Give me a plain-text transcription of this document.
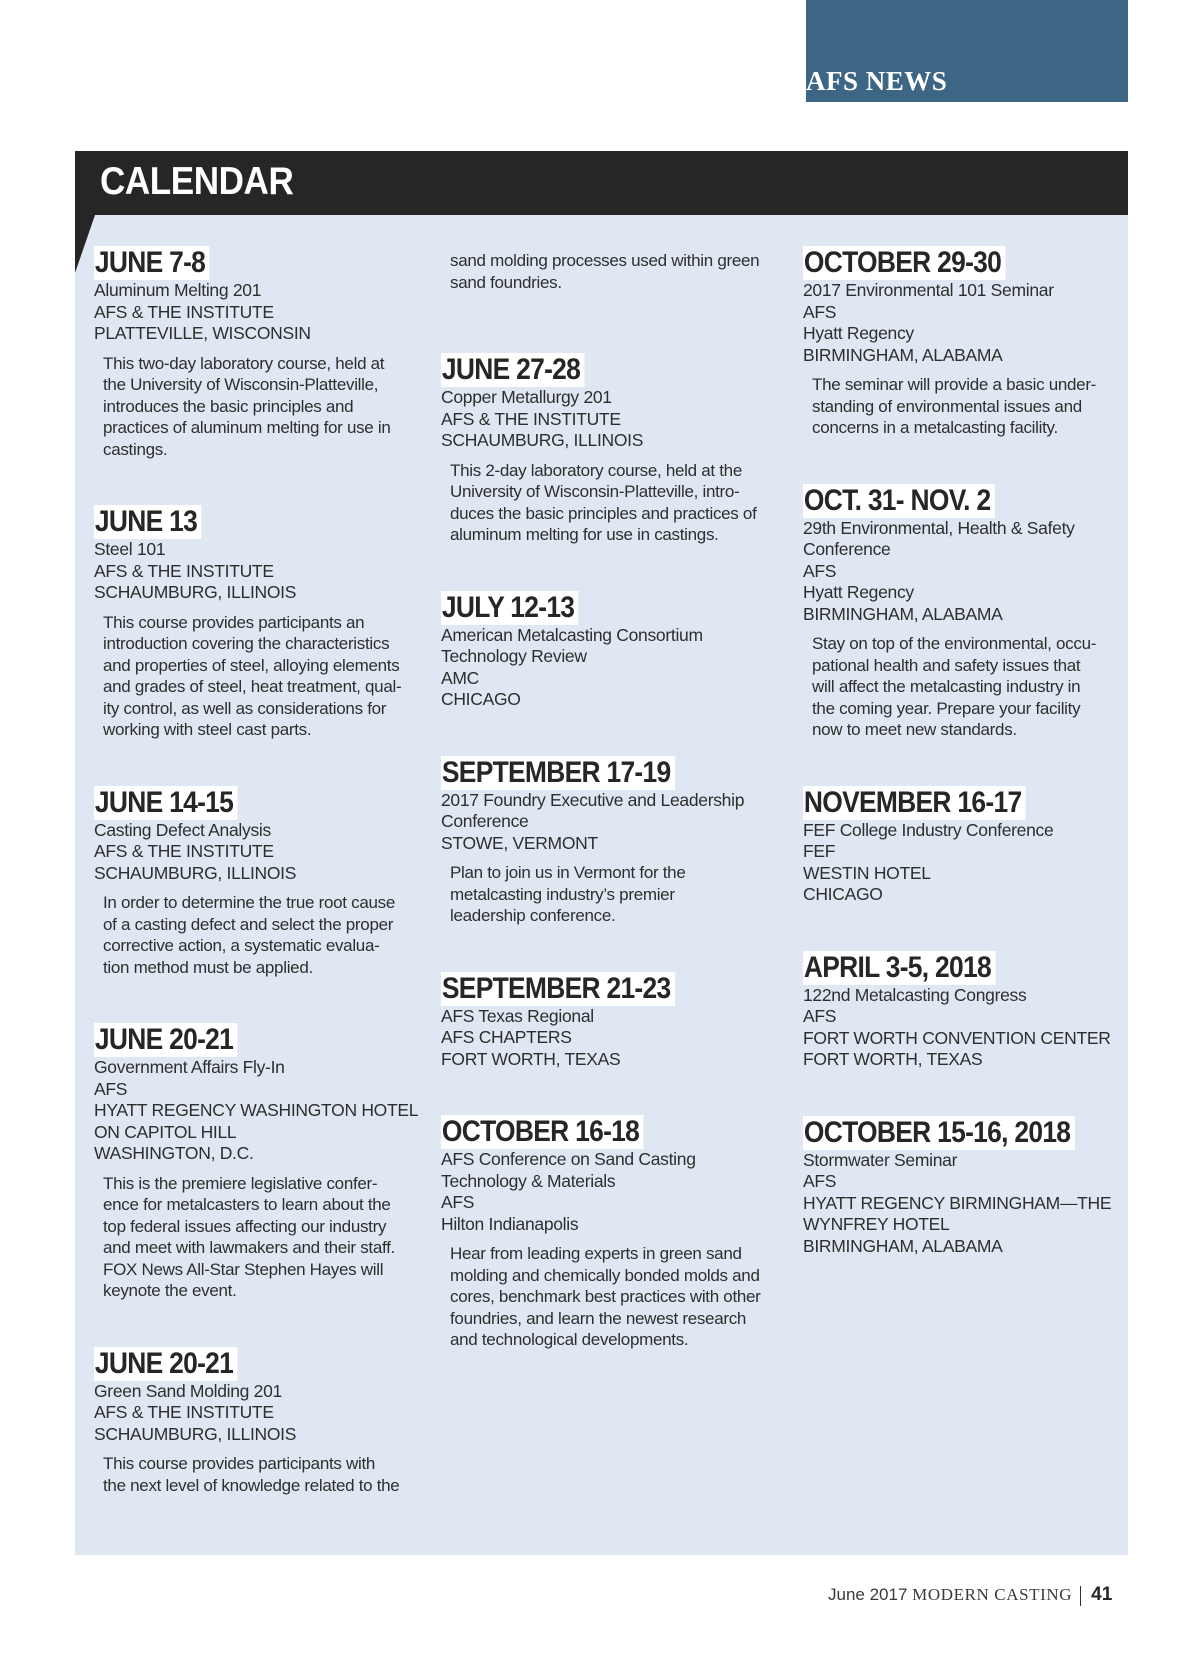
AFS NEWS
CALENDAR
JUNE 7-8
Aluminum Melting 201
AFS & THE INSTITUTE
PLATTEVILLE, WISCONSIN
This two-day laboratory course, held at
the University of Wisconsin-Platteville,
introduces the basic principles and
practices of aluminum melting for use in
castings.
JUNE 13
Steel 101
AFS & THE INSTITUTE
SCHAUMBURG, ILLINOIS
This course provides participants an
introduction covering the characteristics
and properties of steel, alloying elements
and grades of steel, heat treatment, qual-
ity control, as well as considerations for
working with steel cast parts.
JUNE 14-15
Casting Defect Analysis
AFS & THE INSTITUTE
SCHAUMBURG, ILLINOIS
In order to determine the true root cause
of a casting defect and select the proper
corrective action, a systematic evalua-
tion method must be applied.
JUNE 20-21
Government Affairs Fly-In
AFS
HYATT REGENCY WASHINGTON HOTEL
ON CAPITOL HILL
WASHINGTON, D.C.
This is the premiere legislative confer-
ence for metalcasters to learn about the
top federal issues affecting our industry
and meet with lawmakers and their staff.
FOX News All-Star Stephen Hayes will
keynote the event.
JUNE 20-21
Green Sand Molding 201
AFS & THE INSTITUTE
SCHAUMBURG, ILLINOIS
This course provides participants with
the next level of knowledge related to the
sand molding processes used within green
sand foundries.
JUNE 27-28
Copper Metallurgy 201
AFS & THE INSTITUTE
SCHAUMBURG, ILLINOIS
This 2-day laboratory course, held at the
University of Wisconsin-Platteville, intro-
duces the basic principles and practices of
aluminum melting for use in castings.
JULY 12-13
American Metalcasting Consortium
Technology Review
AMC
CHICAGO
SEPTEMBER 17-19
2017 Foundry Executive and Leadership
Conference
STOWE, VERMONT
Plan to join us in Vermont for the
metalcasting industry’s premier
leadership conference.
SEPTEMBER 21-23
AFS Texas Regional
AFS CHAPTERS
FORT WORTH, TEXAS
OCTOBER 16-18
AFS Conference on Sand Casting
Technology & Materials
AFS
Hilton Indianapolis
Hear from leading experts in green sand
molding and chemically bonded molds and
cores, benchmark best practices with other
foundries, and learn the newest research
and technological developments.
OCTOBER 29-30
2017 Environmental 101 Seminar
AFS
Hyatt Regency
BIRMINGHAM, ALABAMA
The seminar will provide a basic under-
standing of environmental issues and
concerns in a metalcasting facility.
OCT. 31- NOV. 2
29th Environmental, Health & Safety
Conference
AFS
Hyatt Regency
BIRMINGHAM, ALABAMA
Stay on top of the environmental, occu-
pational health and safety issues that
will affect the metalcasting industry in
the coming year. Prepare your facility
now to meet new standards.
NOVEMBER 16-17
FEF College Industry Conference
FEF
WESTIN HOTEL
CHICAGO
APRIL 3-5, 2018
122nd Metalcasting Congress
AFS
FORT WORTH CONVENTION CENTER
FORT WORTH, TEXAS
OCTOBER 15-16, 2018
Stormwater Seminar
AFS
HYATT REGENCY BIRMINGHAM—THE
WYNFREY HOTEL
BIRMINGHAM, ALABAMA
June 2017 MODERN CASTING 41
